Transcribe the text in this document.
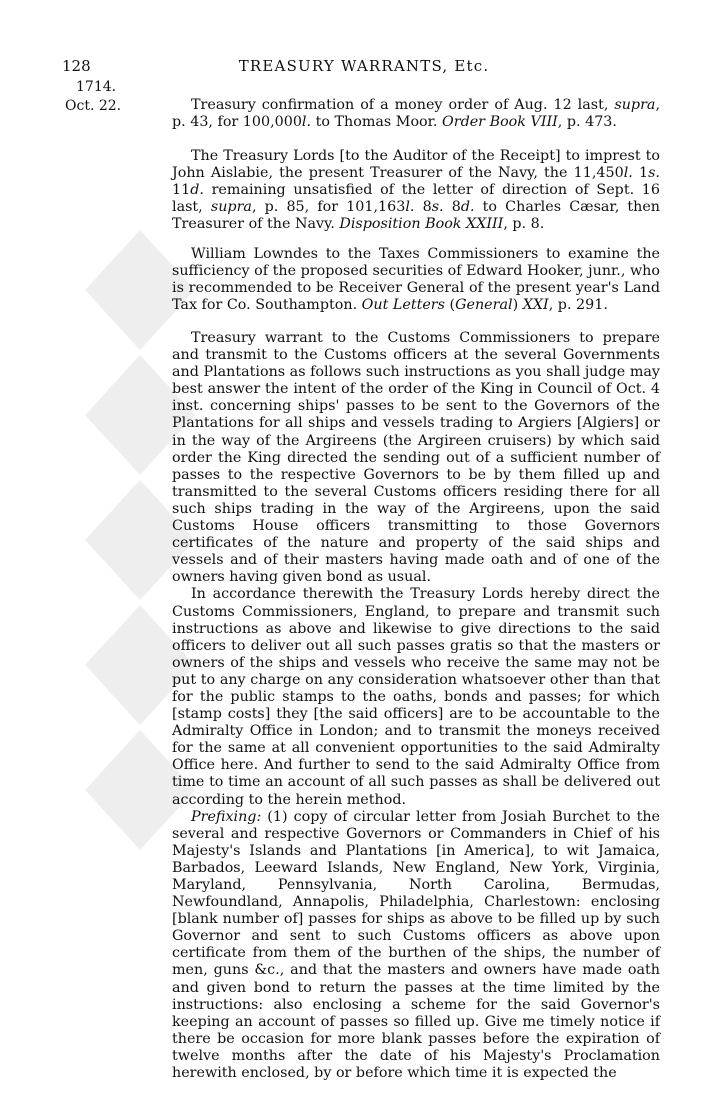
128	TREASURY WARRANTS, Etc.
1714.
Oct. 22.	Treasury confirmation of a money order of Aug. 12 last, supra, p. 43, for 100,000l. to Thomas Moor. Order Book VIII, p. 473.

The Treasury Lords [to the Auditor of the Receipt] to imprest to John Aislabie, the present Treasurer of the Navy, the 11,450l. 1s. 11d. remaining unsatisfied of the letter of direction of Sept. 16 last, supra, p. 85, for 101,163l. 8s. 8d. to Charles Cæsar, then Treasurer of the Navy. Disposition Book XXIII, p. 8.

William Lowndes to the Taxes Commissioners to examine the sufficiency of the proposed securities of Edward Hooker, junr., who is recommended to be Receiver General of the present year's Land Tax for Co. Southampton. Out Letters (General) XXI, p. 291.

Treasury warrant to the Customs Commissioners to prepare and transmit to the Customs officers at the several Governments and Plantations as follows such instructions as you shall judge may best answer the intent of the order of the King in Council of Oct. 4 inst. concerning ships' passes to be sent to the Governors of the Plantations for all ships and vessels trading to Argiers [Algiers] or in the way of the Argireens (the Argireen cruisers) by which said order the King directed the sending out of a sufficient number of passes to the respective Governors to be by them filled up and transmitted to the several Customs officers residing there for all such ships trading in the way of the Argireens, upon the said Customs House officers transmitting to those Governors certificates of the nature and property of the said ships and vessels and of their masters having made oath and of one of the owners having given bond as usual.

In accordance therewith the Treasury Lords hereby direct the Customs Commissioners, England, to prepare and transmit such instructions as above and likewise to give directions to the said officers to deliver out all such passes gratis so that the masters or owners of the ships and vessels who receive the same may not be put to any charge on any consideration whatsoever other than that for the public stamps to the oaths, bonds and passes; for which [stamp costs] they [the said officers] are to be accountable to the Admiralty Office in London; and to transmit the moneys received for the same at all convenient opportunities to the said Admiralty Office here. And further to send to the said Admiralty Office from time to time an account of all such passes as shall be delivered out according to the herein method.

Prefixing: (1) copy of circular letter from Josiah Burchet to the several and respective Governors or Commanders in Chief of his Majesty's Islands and Plantations [in America], to wit Jamaica, Barbados, Leeward Islands, New England, New York, Virginia, Maryland, Pennsylvania, North Carolina, Bermudas, Newfoundland, Annapolis, Philadelphia, Charlestown: enclosing [blank number of] passes for ships as above to be filled up by such Governor and sent to such Customs officers as above upon certificate from them of the burthen of the ships, the number of men, guns &c., and that the masters and owners have made oath and given bond to return the passes at the time limited by the instructions: also enclosing a scheme for the said Governor's keeping an account of passes so filled up. Give me timely notice if there be occasion for more blank passes before the expiration of twelve months after the date of his Majesty's Proclamation herewith enclosed, by or before which time it is expected the
